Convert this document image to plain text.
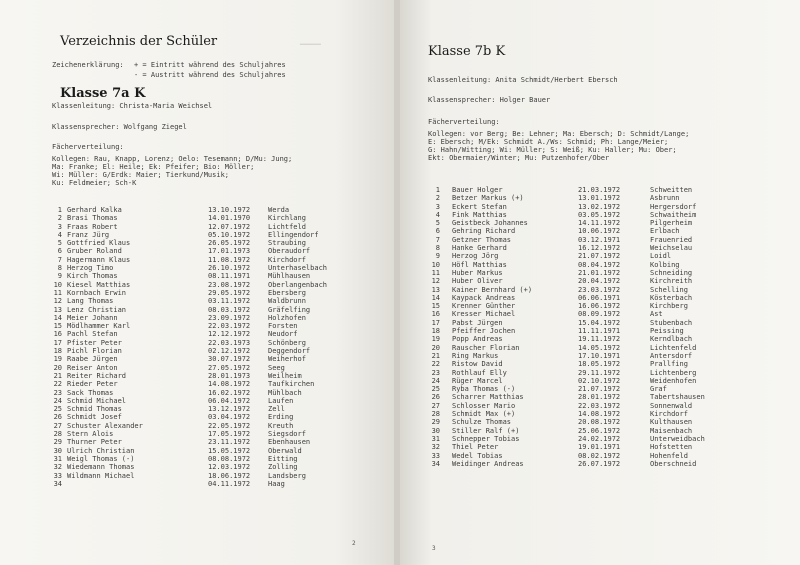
Verzeichnis der Schüler
Zeichenerklärung: + = Eintritt während des Schuljahres
- = Austritt während des Schuljahres
Klasse 7a K
Klassenleitung: Christa-Maria Weichsel
Klassensprecher: Wolfgang Ziegel
Fächerverteilung:
Kollegen: Rau, Knapp, Lorenz; Oelo: Tesemann; D/Mu: Jung;
Ma: Franke; El: Heile; Ek: Pfeifer; Bio: Möller;
Wi: Müller: G/Erdk: Maier; Tierkund/Musik;
Ku: Feldmeier; Sch-K
1 Gerhard Kalka	13.10.1972	Werda
2 Brasi Thomas	14.01.1970	Kirchlang
3 Fraas Robert	12.07.1972	Lichtfeld
4 Franz Jürg	05.10.1972	Ellingendorf
5 Gottfried Klaus	26.05.1972	Straubing
6 Gruber Roland	17.01.1973	Oberaudorf
7 Hagermann Klaus	11.08.1972	Kirchdorf
8 Herzog Timo	26.10.1972	Unterhaselbach
9 Kirch Thomas	08.11.1971	Mühlhausen
10 Kiesel Matthias	23.08.1972	Oberlangenbach
11 Kornbach Erwin	29.05.1972	Ebersberg
12 Lang Thomas	03.11.1972	Waldbrunn
13 Lenz Christian	08.03.1972	Gräfelfing
14 Meier Johann	23.09.1972	Holzhofen
15 Mödlhammer Karl	22.03.1972	Forsten
16 Pachl Stefan	12.12.1972	Neudorf
17 Pfister Peter	22.03.1973	Schönberg
18 Pichl Florian	02.12.1972	Deggendorf
19 Raabe Jürgen	30.07.1972	Weiherhof
20 Reiser Anton	27.05.1972	Seeg
21 Reiter Richard	28.01.1973	Weilheim
22 Rieder Peter	14.08.1972	Taufkirchen
23 Sack Thomas	16.02.1972	Mühlbach
24 Schmid Michael	06.04.1972	Laufen
25 Schmid Thomas	13.12.1972	Zell
26 Schmidt Josef	03.04.1972	Erding
27 Schuster Alexander	22.05.1972	Kreuth
28 Stern Alois	17.05.1972	Siegsdorf
29 Thurner Peter	23.11.1972	Ebenhausen
30 Ulrich Christian	15.05.1972	Oberwald
31 Weigl Thomas (-)	08.08.1972	Eitting
32 Wiedemann Thomas	12.03.1972	Zolling
33 Wildmann Michael	18.06.1972	Landsberg
34	04.11.1972	Haag
▔▔▔
2
Klasse 7b K
Klassenleitung: Anita Schmidt/Herbert Ebersch
Klassensprecher: Holger Bauer
Fächerverteilung:
Kollegen: vor Berg; Be: Lehner; Ma: Ebersch; D: Schmidt/Lange;
E: Ebersch; M/Ek: Schmidt A./Ws: Schmid; Ph: Lange/Meier;
G: Hahn/Witting; Wi: Müller; S: Weiß; Ku: Haller; Mu: Ober;
Ekt: Obermaier/Winter; Mu: Putzenhofer/Ober
1 Bauer Holger	21.03.1972	Schweitten
2 Betzer Markus (+)	13.01.1972	Asbrunn
3 Eckert Stefan	13.02.1972	Hergersdorf
4 Fink Matthias	03.05.1972	Schwaitheim
5 Geistbeck Johannes	14.11.1972	Pilgerheim
6 Gehring Richard	10.06.1972	Erlbach
7 Getzner Thomas	03.12.1971	Frauenried
8 Hanke Gerhard	16.12.1972	Weichselau
9 Herzog Jörg	21.07.1972	Loidl
10 Höfl Matthias	08.04.1972	Kolbing
11 Huber Markus	21.01.1972	Schneiding
12 Huber Oliver	20.04.1972	Kirchreith
13 Kainer Bernhard (+)	23.03.1972	Schelling
14 Kaypack Andreas	06.06.1971	Kösterbach
15 Krenner Günther	16.06.1972	Kirchberg
16 Kresser Michael	08.09.1972	Ast
17 Pabst Jürgen	15.04.1972	Stubenbach
18 Pfeiffer Jochen	11.11.1971	Peissing
19 Popp Andreas	19.11.1972	Kerndlbach
20 Rauscher Florian	14.05.1972	Lichtenfeld
21 Ring Markus	17.10.1971	Antersdorf
22 Ristow David	18.05.1972	Prallfing
23 Rothlauf Elly	29.11.1972	Lichtenberg
24 Rüger Marcel	02.10.1972	Weidenhofen
25 Ryba Thomas (-)	21.07.1972	Graf
26 Scharrer Matthias	28.01.1972	Tabertshausen
27 Schlosser Mario	22.03.1972	Sonnenwald
28 Schmidt Max (+)	14.08.1972	Kirchdorf
29 Schulze Thomas	20.08.1972	Kulthausen
30 Stiller Ralf (+)	25.06.1972	Maisenbach
31 Schnepper Tobias	24.02.1972	Unterweidbach
32 Thiel Peter	19.01.1971	Hofstetten
33 Wedel Tobias	08.02.1972	Hohenfeld
34 Weidinger Andreas	26.07.1972	Oberschneid
3
